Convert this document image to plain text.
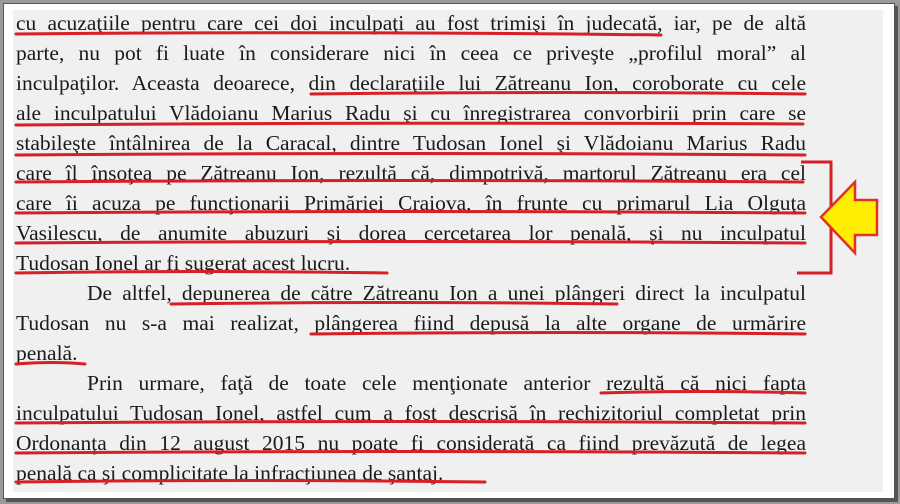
cu acuzaţiile pentru care cei doi inculpaţi au fost trimişi în judecată, iar, pe de altă
parte, nu pot fi luate în considerare nici în ceea ce priveşte „profilul moral” al
inculpaţilor. Aceasta deoarece, din declaraţiile lui Zătreanu Ion, coroborate cu cele
ale inculpatului Vlădoianu Marius Radu şi cu înregistrarea convorbirii prin care se
stabileşte întâlnirea de la Caracal, dintre Tudosan Ionel şi Vlădoianu Marius Radu
care îl însoţea pe Zătreanu Ion, rezultă că, dimpotrivă, martorul Zătreanu era cel
care îi acuza pe funcţionarii Primăriei Craiova, în frunte cu primarul Lia Olguţa
Vasilescu, de anumite abuzuri şi dorea cercetarea lor penală, şi nu inculpatul
Tudosan Ionel ar fi sugerat acest lucru.
De altfel, depunerea de către Zătreanu Ion a unei plângeri direct la inculpatul
Tudosan nu s-a mai realizat, plângerea fiind depusă la alte organe de urmărire
penală.
Prin urmare, faţă de toate cele menţionate anterior rezultă că nici fapta
inculpatului Tudosan Ionel, astfel cum a fost descrisă în rechizitoriul completat prin
Ordonanţa din 12 august 2015 nu poate fi considerată ca fiind prevăzută de legea
penală ca şi complicitate la infracţiunea de şantaj.
